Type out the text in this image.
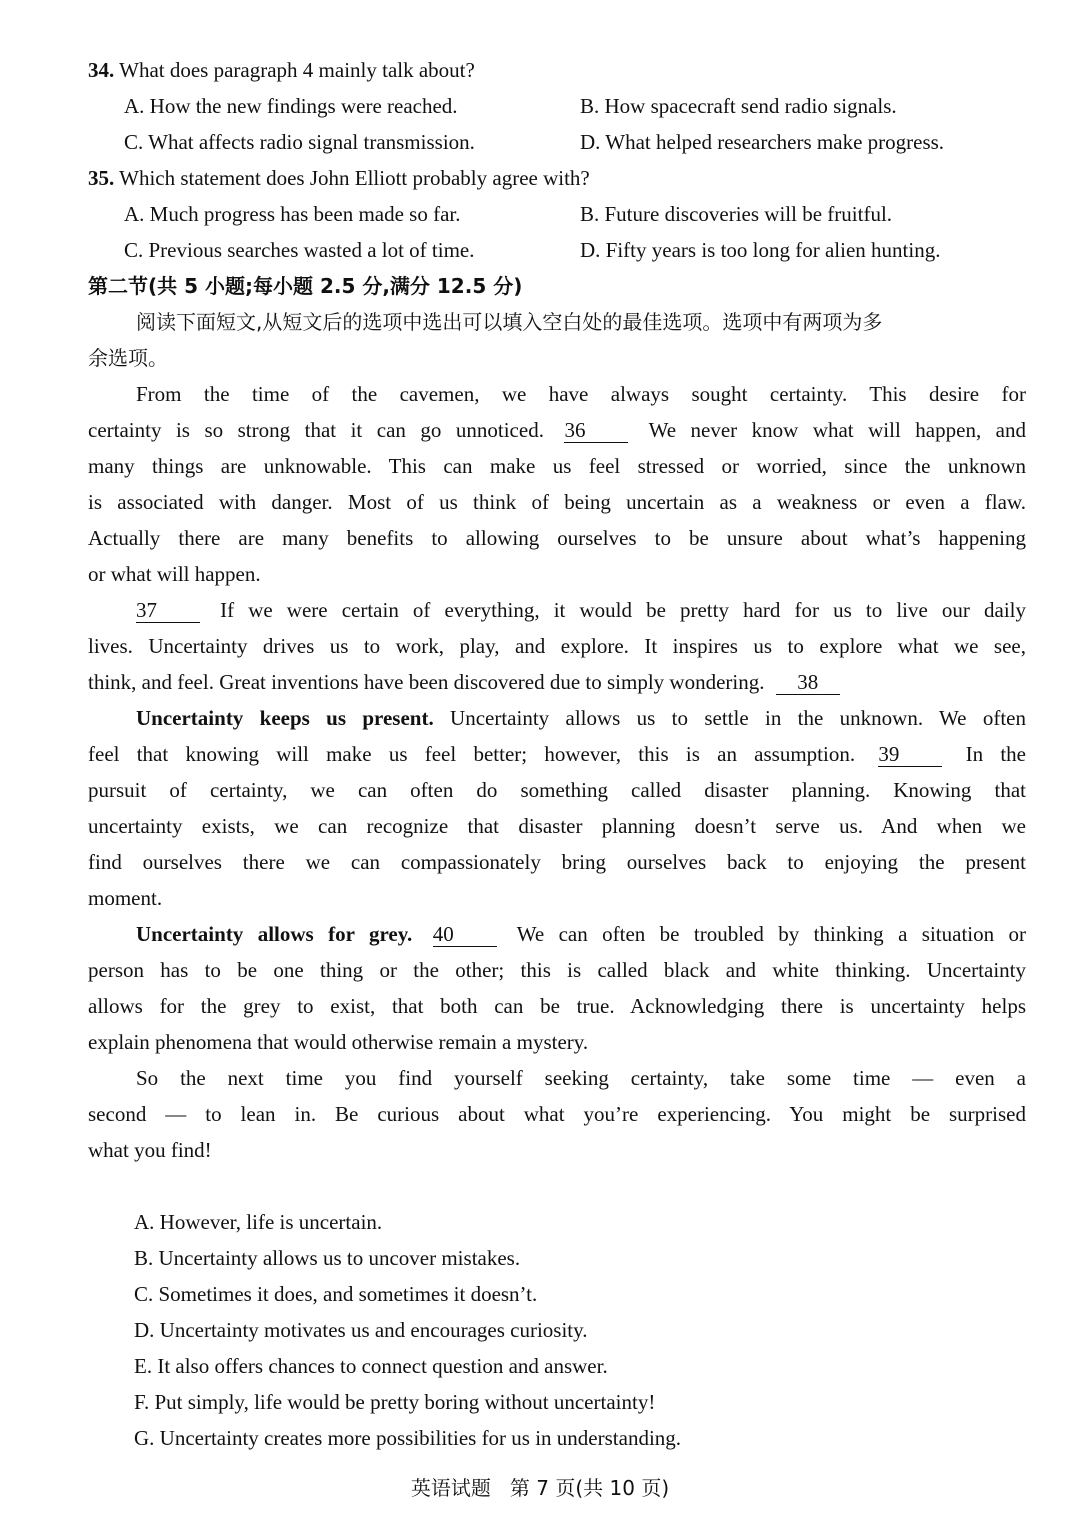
34. What does paragraph 4 mainly talk about?
A. How the new findings were reached.	B. How spacecraft send radio signals.
C. What affects radio signal transmission.	D. What helped researchers make progress.
35. Which statement does John Elliott probably agree with?
A. Much progress has been made so far.	B. Future discoveries will be fruitful.
C. Previous searches wasted a lot of time.	D. Fifty years is too long for alien hunting.
第二节(共 5 小题;每小题 2.5 分,满分 12.5 分)
阅读下面短文,从短文后的选项中选出可以填入空白处的最佳选项。选项中有两项为多
余选项。
From the time of the cavemen, we have always sought certainty. This desire for
certainty is so strong that it can go unnoticed. 36	We never know what will happen, and
many things are unknowable. This can make us feel stressed or worried, since the unknown
is associated with danger. Most of us think of being uncertain as a weakness or even a flaw.
Actually there are many benefits to allowing ourselves to be unsure about what’s happening
or what will happen.
37	If we were certain of everything, it would be pretty hard for us to live our daily
lives. Uncertainty drives us to work, play, and explore. It inspires us to explore what we see,
think, and feel. Great inventions have been discovered due to simply wondering. 38
Uncertainty keeps us present. Uncertainty allows us to settle in the unknown. We often
feel that knowing will make us feel better; however, this is an assumption. 39	In the
pursuit of certainty, we can often do something called disaster planning. Knowing that
uncertainty exists, we can recognize that disaster planning doesn’t serve us. And when we
find ourselves there we can compassionately bring ourselves back to enjoying the present
moment.
Uncertainty allows for grey. 40	We can often be troubled by thinking a situation or
person has to be one thing or the other; this is called black and white thinking. Uncertainty
allows for the grey to exist, that both can be true. Acknowledging there is uncertainty helps
explain phenomena that would otherwise remain a mystery.
So the next time you find yourself seeking certainty, take some time — even a
second — to lean in. Be curious about what you’re experiencing. You might be surprised
what you find!
A. However, life is uncertain.
B. Uncertainty allows us to uncover mistakes.
C. Sometimes it does, and sometimes it doesn’t.
D. Uncertainty motivates us and encourages curiosity.
E. It also offers chances to connect question and answer.
F. Put simply, life would be pretty boring without uncertainty!
G. Uncertainty creates more possibilities for us in understanding.
英语试题   第 7 页(共 10 页)
